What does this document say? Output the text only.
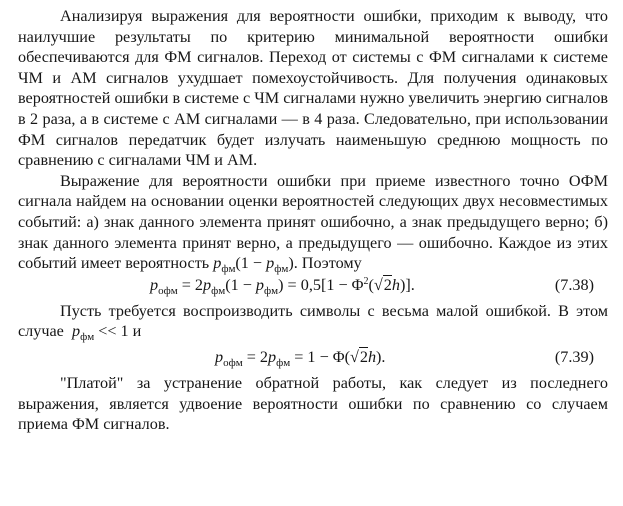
Анализируя выражения для вероятности ошибки, приходим к выводу, что наилучшие результаты по критерию минимальной вероятности ошибки обеспечиваются для ФМ сигналов. Переход от системы с ФМ сигналами к системе ЧМ и АМ сигналов ухудшает помехоустойчивость. Для получения одинаковых вероятностей ошибки в системе с ЧМ сигналами нужно увеличить энергию сигналов в 2 раза, а в системе с АМ сигналами — в 4 раза. Следовательно, при использовании ФМ сигналов передатчик будет излучать наименьшую среднюю мощность по сравнению с сигналами ЧМ и АМ.

Выражение для вероятности ошибки при приеме известного точно ОФМ сигнала найдем на основании оценки вероятностей следующих двух несовместимых событий: а) знак данного элемента принят ошибочно, а знак предыдущего верно; б) знак данного элемента принят верно, а предыдущего — ошибочно. Каждое из этих событий имеет вероятность $p_{фм}(1 - p_{фм})$. Поэтому

$p_{офм} = 2p_{фм}(1 - p_{фм}) = 0,5[1 - \Phi^2(√2h)]$.	(7.38)

Пусть требуется воспроизводить символы с весьма малой ошибкой. В этом случае $p_{фм} << 1$ и

$p_{офм} = 2p_{фм} = 1 - \Phi(√2h)$.	(7.39)

"Платой" за устранение обратной работы, как следует из последнего выражения, является удвоение вероятности ошибки по сравнению со случаем приема ФМ сигналов.
